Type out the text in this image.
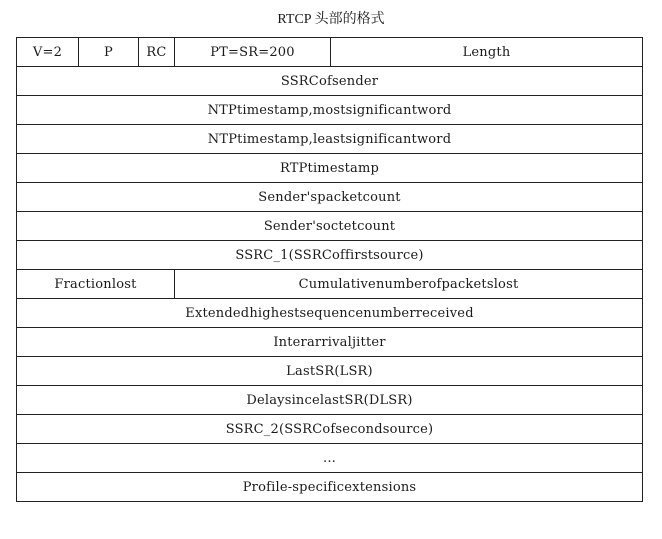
RTCP 头部的格式
V=2	P	RC	PT=SR=200	Length
SSRCofsender				
NTPtimestamp,mostsignificantword				
NTPtimestamp,leastsignificantword				
RTPtimestamp				
Sender'spacketcount				
Sender'soctetcount				
SSRC_1(SSRCoffirstsource)				
Fractionlost			Cumulativenumberofpacketslost	
Extendedhighestsequencenumberreceived				
Interarrivaljitter				
LastSR(LSR)				
DelaysincelastSR(DLSR)				
SSRC_2(SSRCofsecondsource)				
...				
Profile-specificextensions				
